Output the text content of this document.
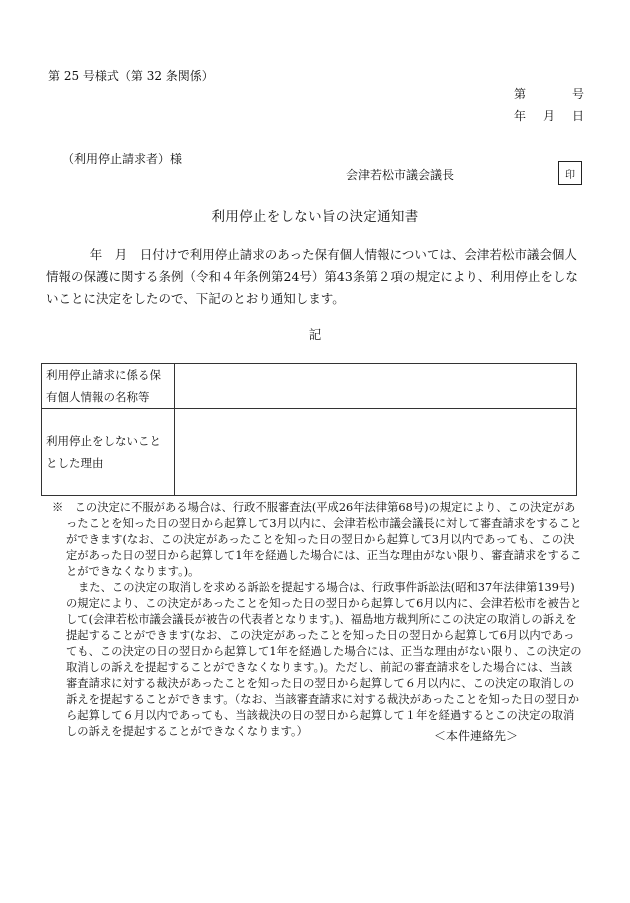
第 25 号様式（第 32 条関係）
第	号
年 月 日
（利用停止請求者）様
会津若松市議会議長	印
利用停止をしない旨の決定通知書

年　月　日付けで利用停止請求のあった保有個人情報については、会津若松市議会個人情報の保護に関する条例（令和４年条例第24号）第43条第２項の規定により、利用停止をしないことに決定をしたので、下記のとおり通知します。

記
利用停止請求に係る保有個人情報の名称等	
利用停止をしないこととした理由	

※　この決定に不服がある場合は、行政不服審査法(平成26年法律第68号)の規定により、この決定があったことを知った日の翌日から起算して3月以内に、会津若松市議会議長に対して審査請求をすることができます(なお、この決定があったことを知った日の翌日から起算して3月以内であっても、この決定があった日の翌日から起算して1年を経過した場合には、正当な理由がない限り、審査請求をすることができなくなります。)。

また、この決定の取消しを求める訴訟を提起する場合は、行政事件訴訟法(昭和37年法律第139号)の規定により、この決定があったことを知った日の翌日から起算して6月以内に、会津若松市を被告として(会津若松市議会議長が被告の代表者となります。)、福島地方裁判所にこの決定の取消しの訴えを提起することができます(なお、この決定があったことを知った日の翌日から起算して6月以内であっても、この決定の日の翌日から起算して1年を経過した場合には、正当な理由がない限り、この決定の取消しの訴えを提起することができなくなります。)。ただし、前記の審査請求をした場合には、当該審査請求に対する裁決があったことを知った日の翌日から起算して６月以内に、この決定の取消しの訴えを提起することができます。（なお、当該審査請求に対する裁決があったことを知った日の翌日から起算して６月以内であっても、当該裁決の日の翌日から起算して１年を経過するとこの決定の取消しの訴えを提起することができなくなります。）	＜本件連絡先＞
